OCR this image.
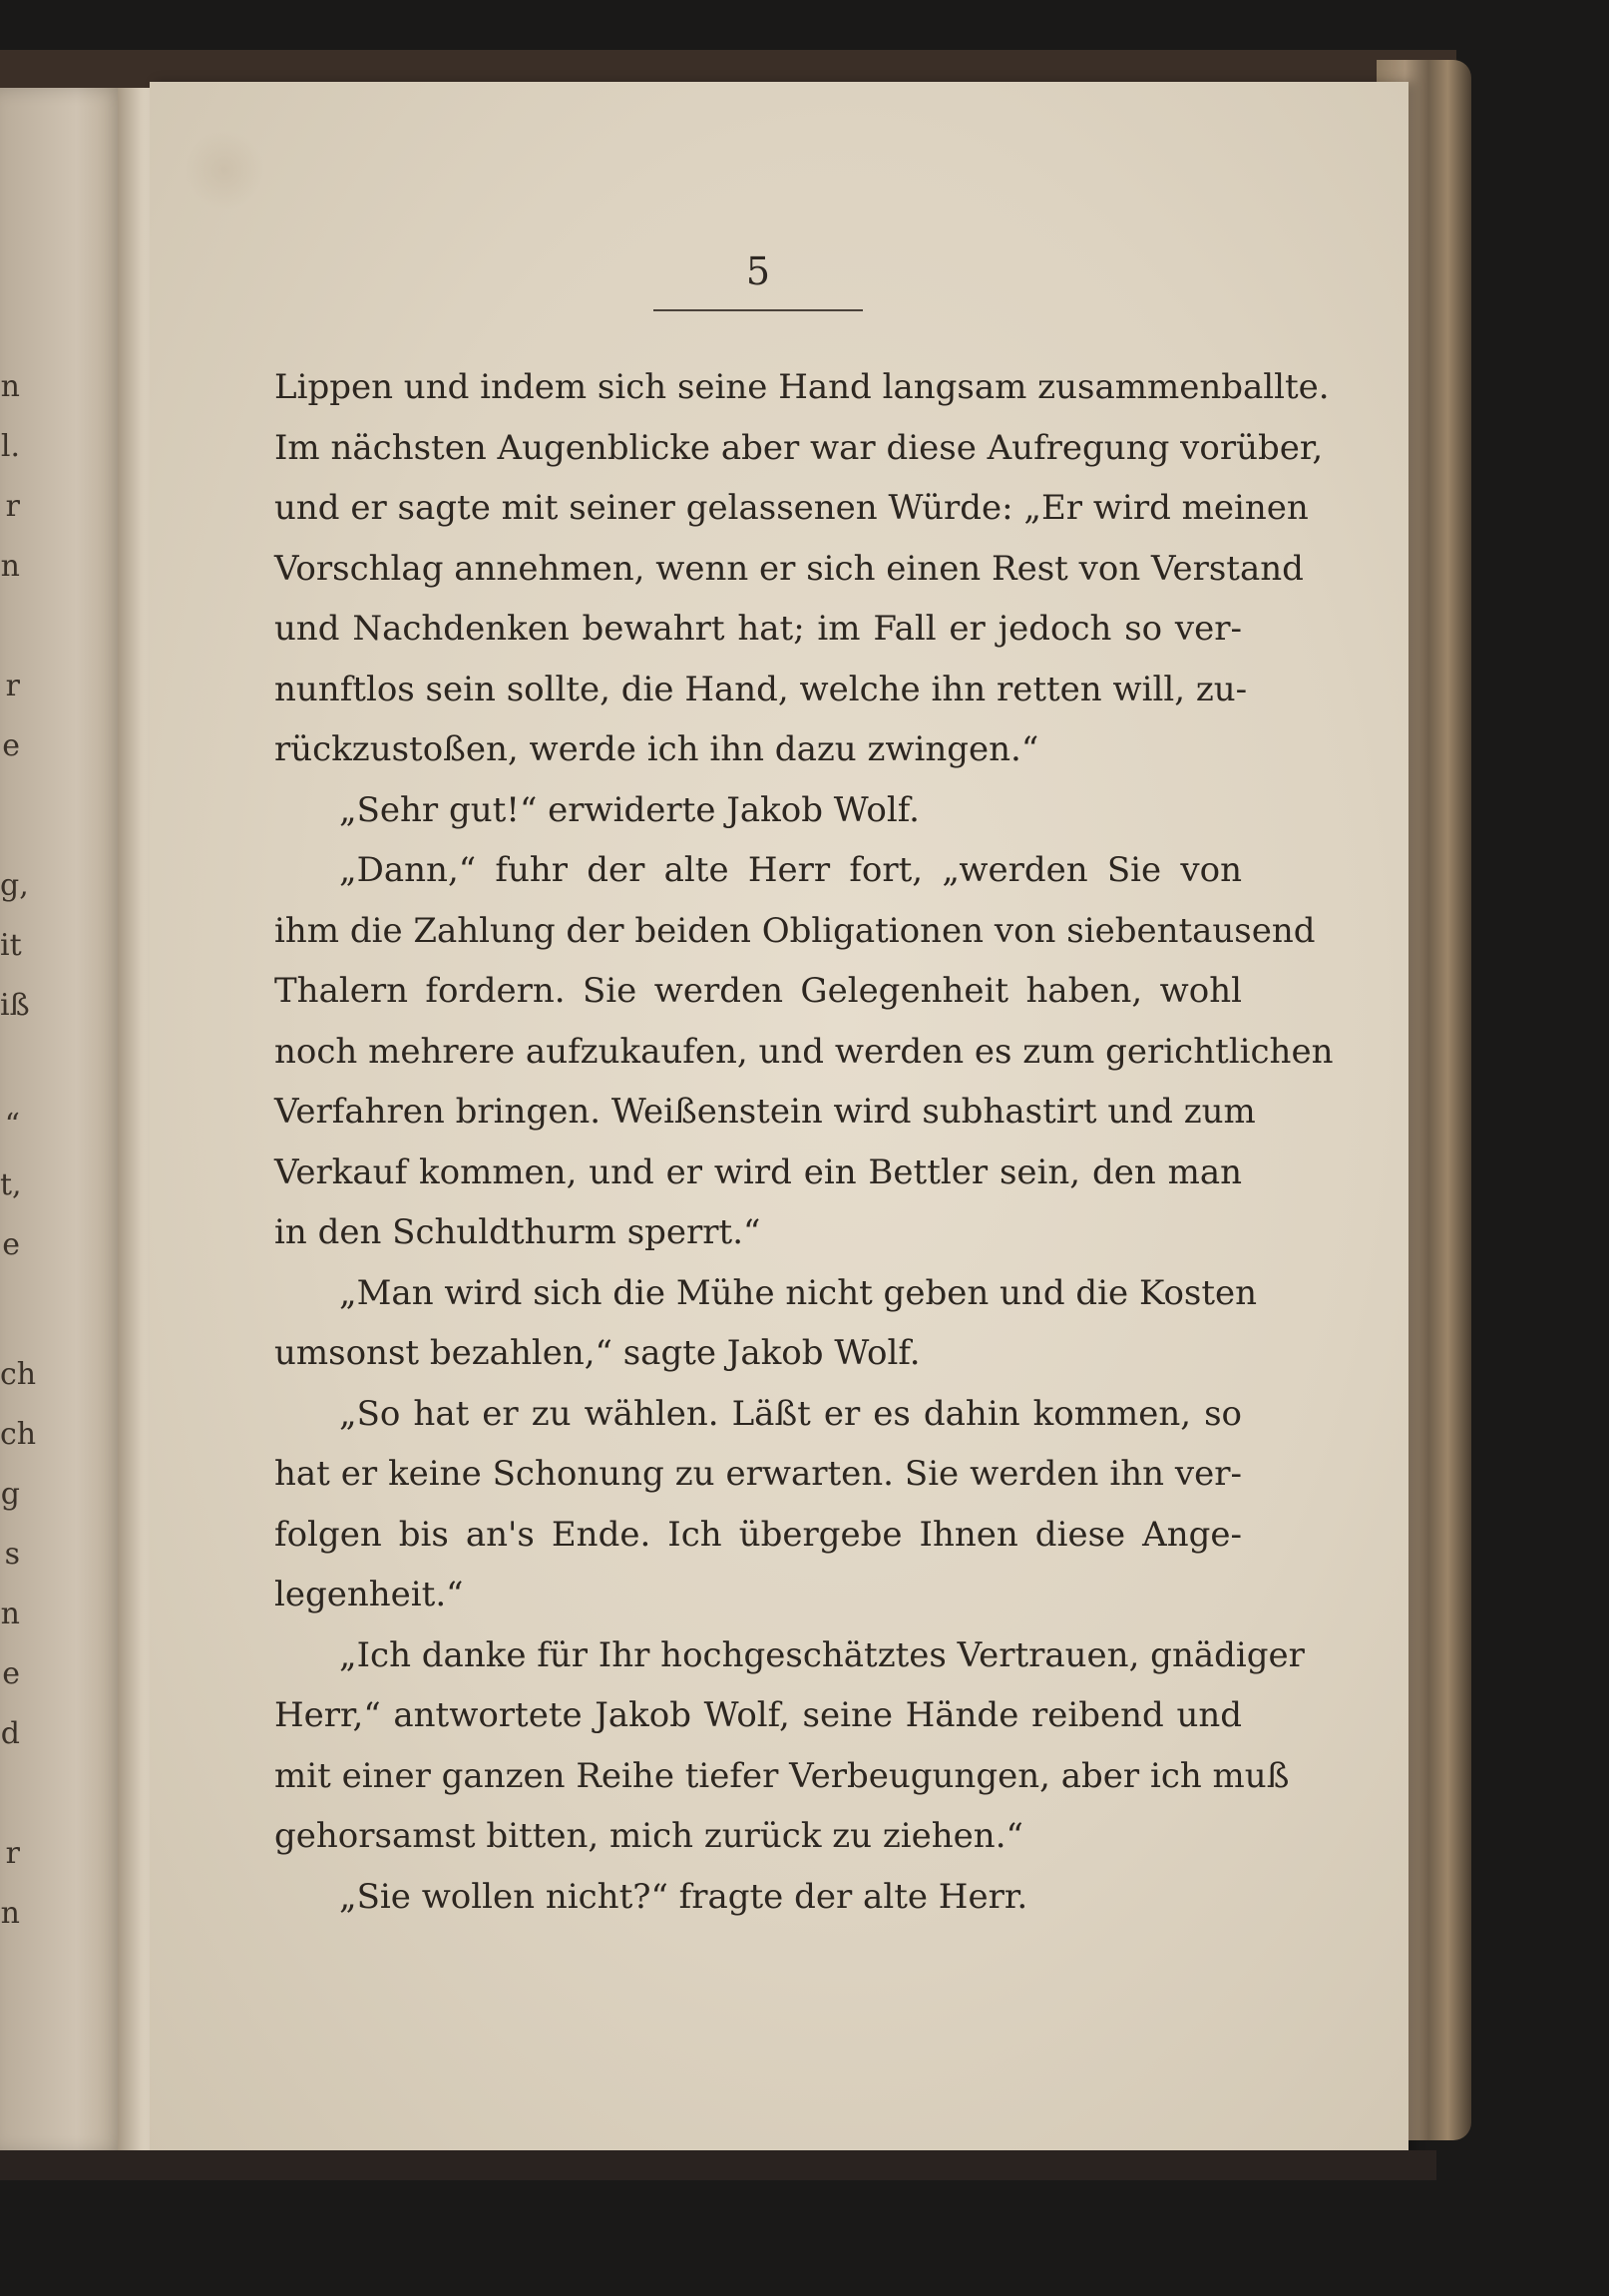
n
l.
r
n
r
e
g,
it
iß
“
t,
e
ch
ch
g
s
n
e
d
r
n
5
Lippen und indem sich seine Hand langsam zusammenballte.
Im nächsten Augenblicke aber war diese Aufregung vorüber,
und er sagte mit seiner gelassenen Würde: „Er wird meinen
Vorschlag annehmen, wenn er sich einen Rest von Verstand
und Nachdenken bewahrt hat; im Fall er jedoch so ver-
nunftlos sein sollte, die Hand, welche ihn retten will, zu-
rückzustoßen, werde ich ihn dazu zwingen.“
„Sehr gut!“ erwiderte Jakob Wolf.
„Dann,“ fuhr der alte Herr fort, „werden Sie von
ihm die Zahlung der beiden Obligationen von siebentausend
Thalern fordern. Sie werden Gelegenheit haben, wohl
noch mehrere aufzukaufen, und werden es zum gerichtlichen
Verfahren bringen. Weißenstein wird subhastirt und zum
Verkauf kommen, und er wird ein Bettler sein, den man
in den Schuldthurm sperrt.“
„Man wird sich die Mühe nicht geben und die Kosten
umsonst bezahlen,“ sagte Jakob Wolf.
„So hat er zu wählen. Läßt er es dahin kommen, so
hat er keine Schonung zu erwarten. Sie werden ihn ver-
folgen bis an's Ende. Ich übergebe Ihnen diese Ange-
legenheit.“
„Ich danke für Ihr hochgeschätztes Vertrauen, gnädiger
Herr,“ antwortete Jakob Wolf, seine Hände reibend und
mit einer ganzen Reihe tiefer Verbeugungen, aber ich muß
gehorsamst bitten, mich zurück zu ziehen.“
„Sie wollen nicht?“ fragte der alte Herr.
